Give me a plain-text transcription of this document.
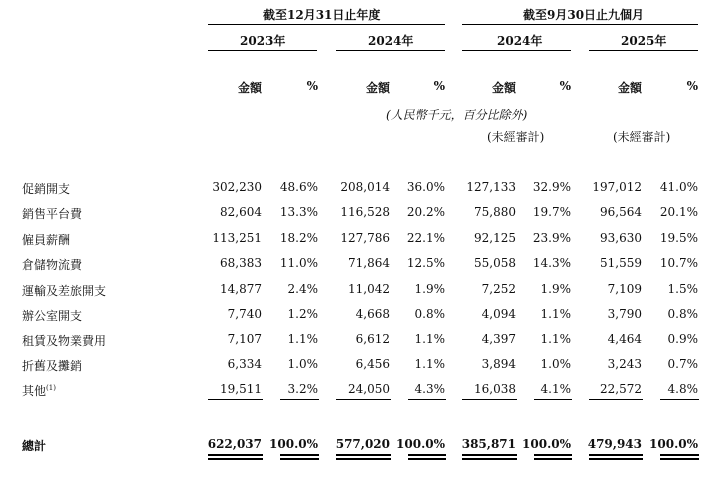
截至12月31日止年度	截至9月30日止九個月
2023年	2024年	2024年	2025年
金額	%	金額	%	金額	%	金額	%
(人民幣千元，百分比除外)
(未經審計)	(未經審計)
促銷開支	302,230 48.6% 208,014 36.0% 127,133 32.9% 197,012 41.0%
銷售平台費	82,604 13.3% 116,528 20.2% 75,880 19.7% 96,564 20.1%
僱員薪酬	113,251 18.2% 127,786 22.1% 92,125 23.9% 93,630 19.5%
倉儲物流費	68,383 11.0%	71,864 12.5% 55,058 14.3% 51,559 10.7%
運輸及差旅開支	14,877 2.4%	11,042 1.9%	7,252 1.9%	7,109 1.5%
辦公室開支	7,740 1.2%	4,668 0.8%	4,094 1.1%	3,790 0.8%
租賃及物業費用	7,107 1.1%	6,612 1.1%	4,397 1.1%	4,464 0.9%
折舊及攤銷	6,334 1.0%	6,456 1.1%	3,894 1.0%	3,243 0.7%
其他$^{(1)}$	19,511 3.2%	24,050 4.3% 16,038 4.1% 22,572 4.8%
總計	622,037 100.0% 577,020 100.0% 385,871 100.0% 479,943 100.0%
